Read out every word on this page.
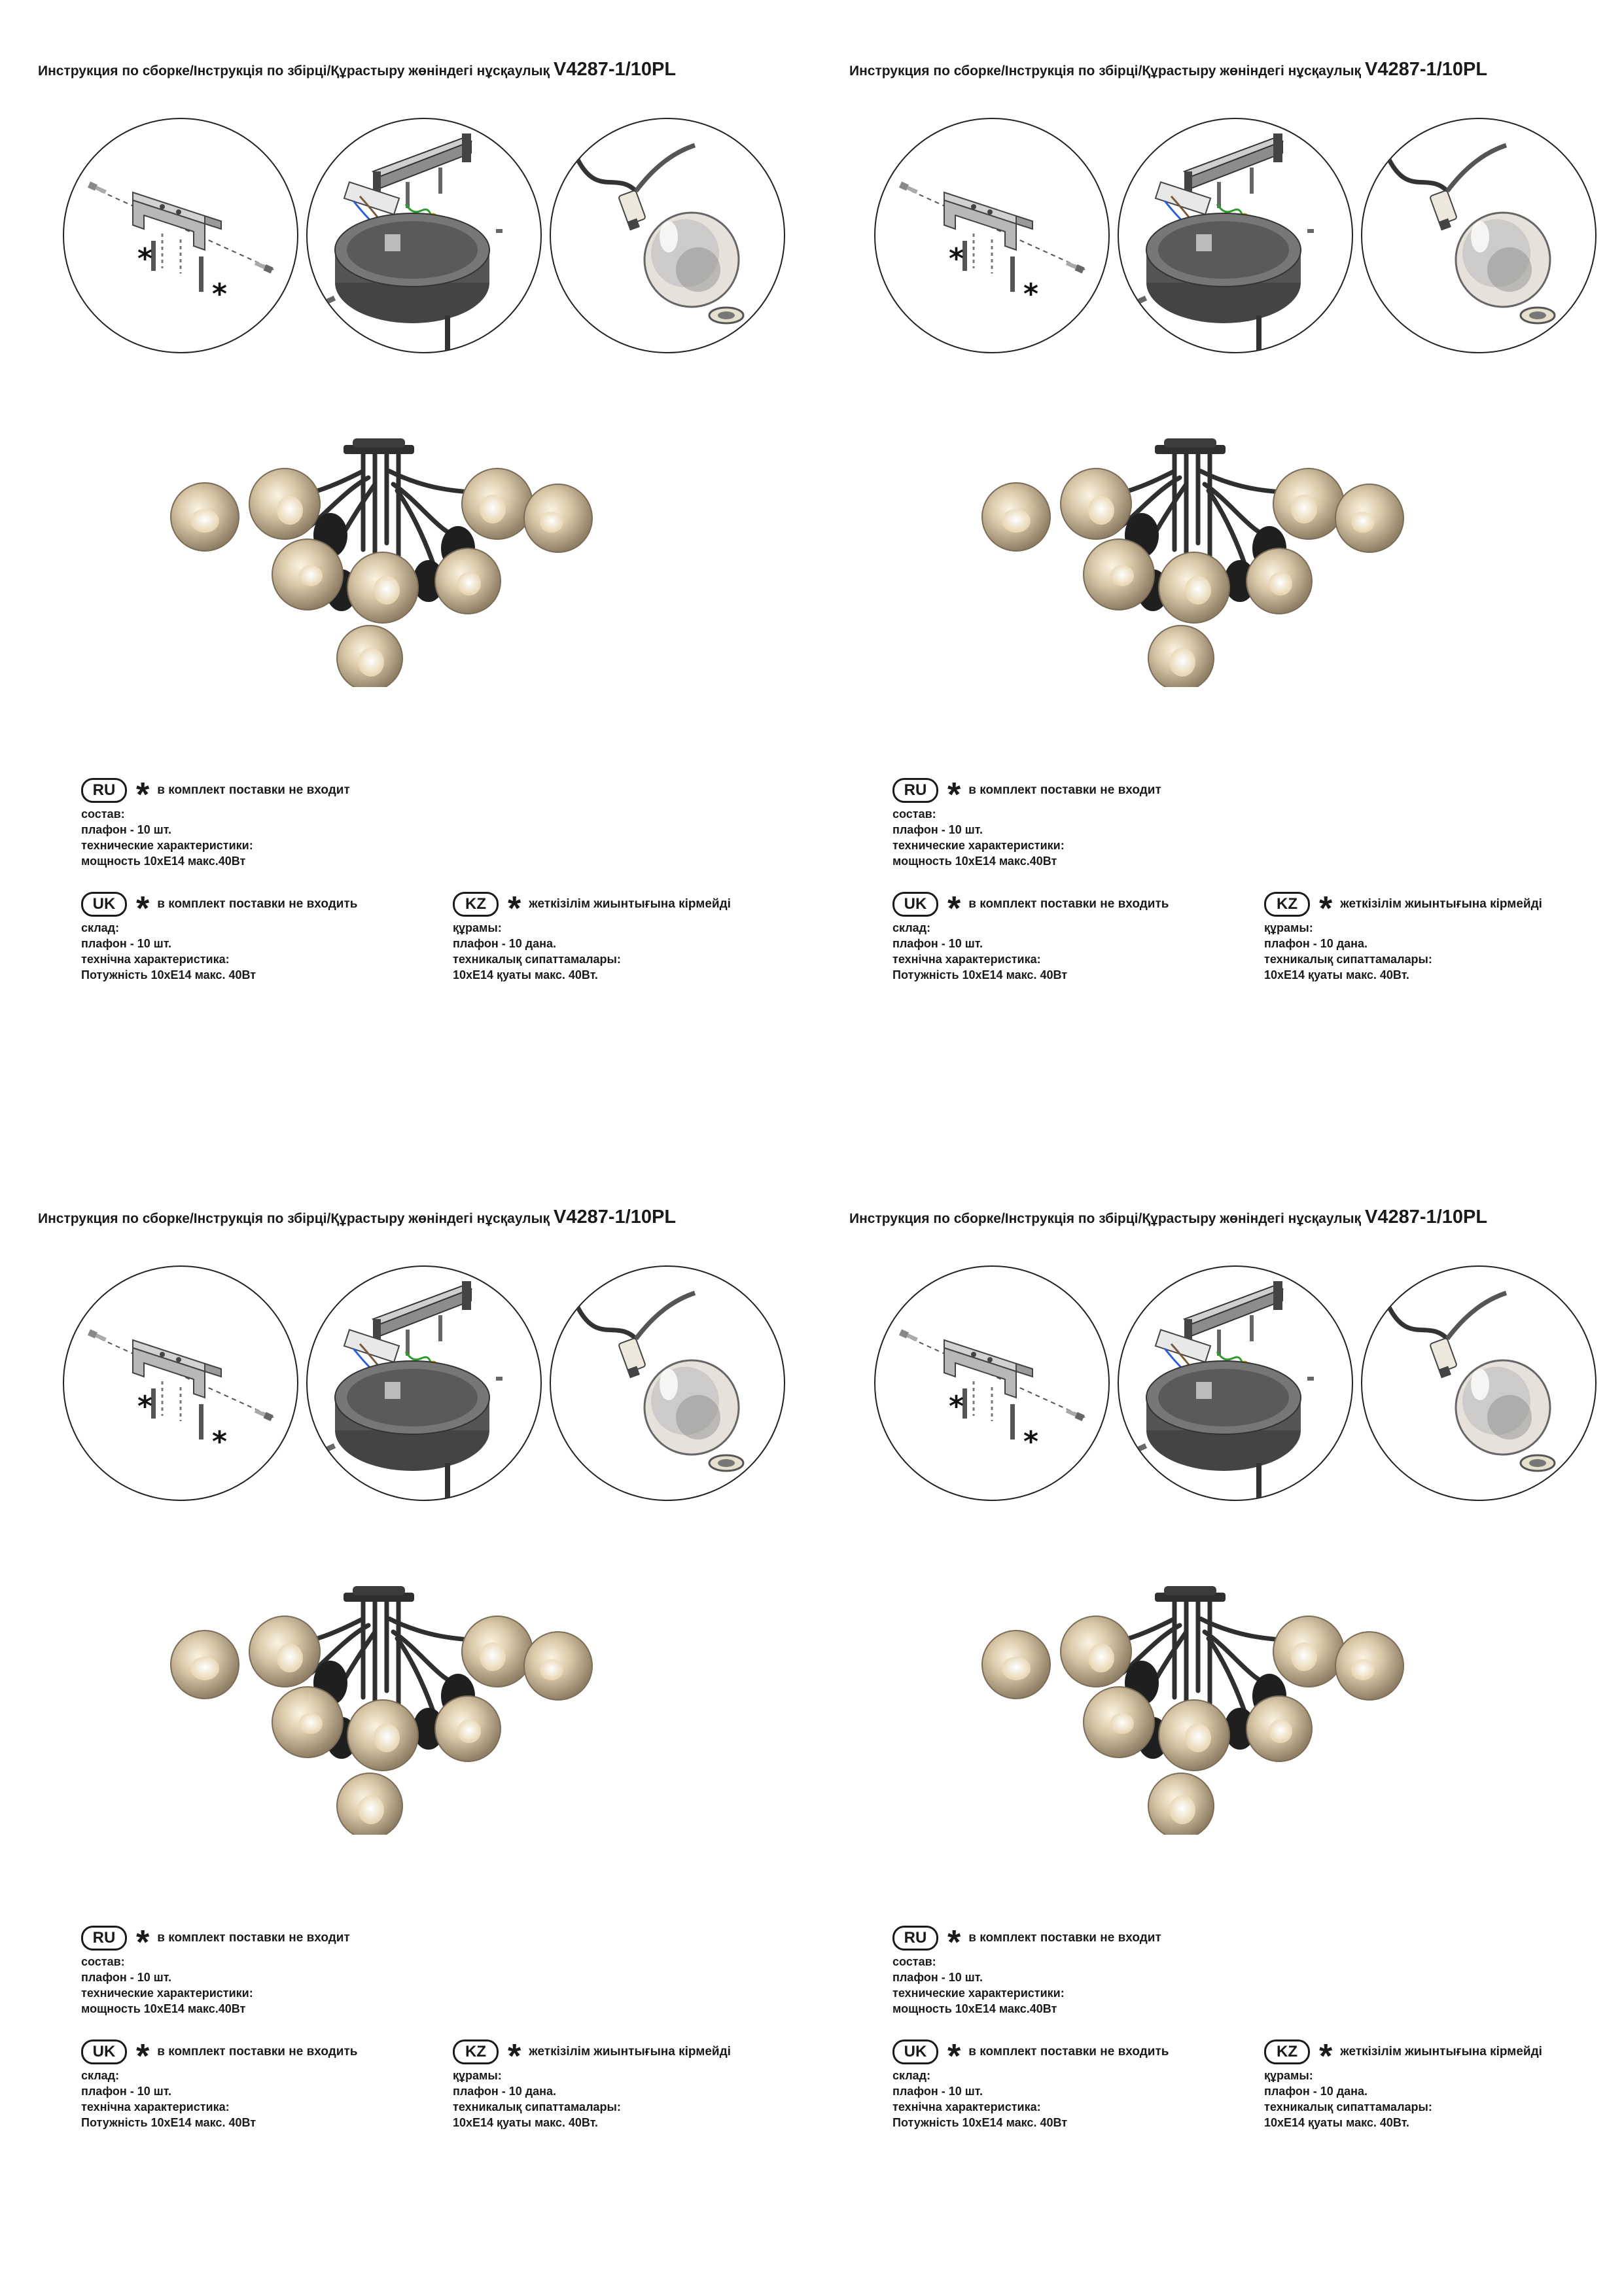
Инструкция по сборке/Інструкція по збірці/Құрастыру жөніндегі нұсқаулық V4287-1/10PL
*
*
RU * в комплект поставки не входит
состав:
плафон - 10 шт.
технические характеристики:
мощность 10хЕ14 макс.40Вт
UK * в комплект поставки не входить
склад:
плафон - 10 шт.
технічна характеристика:
Потужність 10хЕ14 макс. 40Вт
KZ * жеткізілім жиынтығына кірмейді
құрамы:
плафон - 10 дана.
техникалық сипаттамалары:
10хЕ14 қуаты макс. 40Вт.
Инструкция по сборке/Інструкція по збірці/Құрастыру жөніндегі нұсқаулық V4287-1/10PL
*
*
RU * в комплект поставки не входит
состав:
плафон - 10 шт.
технические характеристики:
мощность 10хЕ14 макс.40Вт
UK * в комплект поставки не входить
склад:
плафон - 10 шт.
технічна характеристика:
Потужність 10хЕ14 макс. 40Вт
KZ * жеткізілім жиынтығына кірмейді
құрамы:
плафон - 10 дана.
техникалық сипаттамалары:
10хЕ14 қуаты макс. 40Вт.
Инструкция по сборке/Інструкція по збірці/Құрастыру жөніндегі нұсқаулық V4287-1/10PL
*
*
RU * в комплект поставки не входит
состав:
плафон - 10 шт.
технические характеристики:
мощность 10хЕ14 макс.40Вт
UK * в комплект поставки не входить
склад:
плафон - 10 шт.
технічна характеристика:
Потужність 10хЕ14 макс. 40Вт
KZ * жеткізілім жиынтығына кірмейді
құрамы:
плафон - 10 дана.
техникалық сипаттамалары:
10хЕ14 қуаты макс. 40Вт.
Инструкция по сборке/Інструкція по збірці/Құрастыру жөніндегі нұсқаулық V4287-1/10PL
*
*
RU * в комплект поставки не входит
состав:
плафон - 10 шт.
технические характеристики:
мощность 10хЕ14 макс.40Вт
UK * в комплект поставки не входить
склад:
плафон - 10 шт.
технічна характеристика:
Потужність 10хЕ14 макс. 40Вт
KZ * жеткізілім жиынтығына кірмейді
құрамы:
плафон - 10 дана.
техникалық сипаттамалары:
10хЕ14 қуаты макс. 40Вт.
